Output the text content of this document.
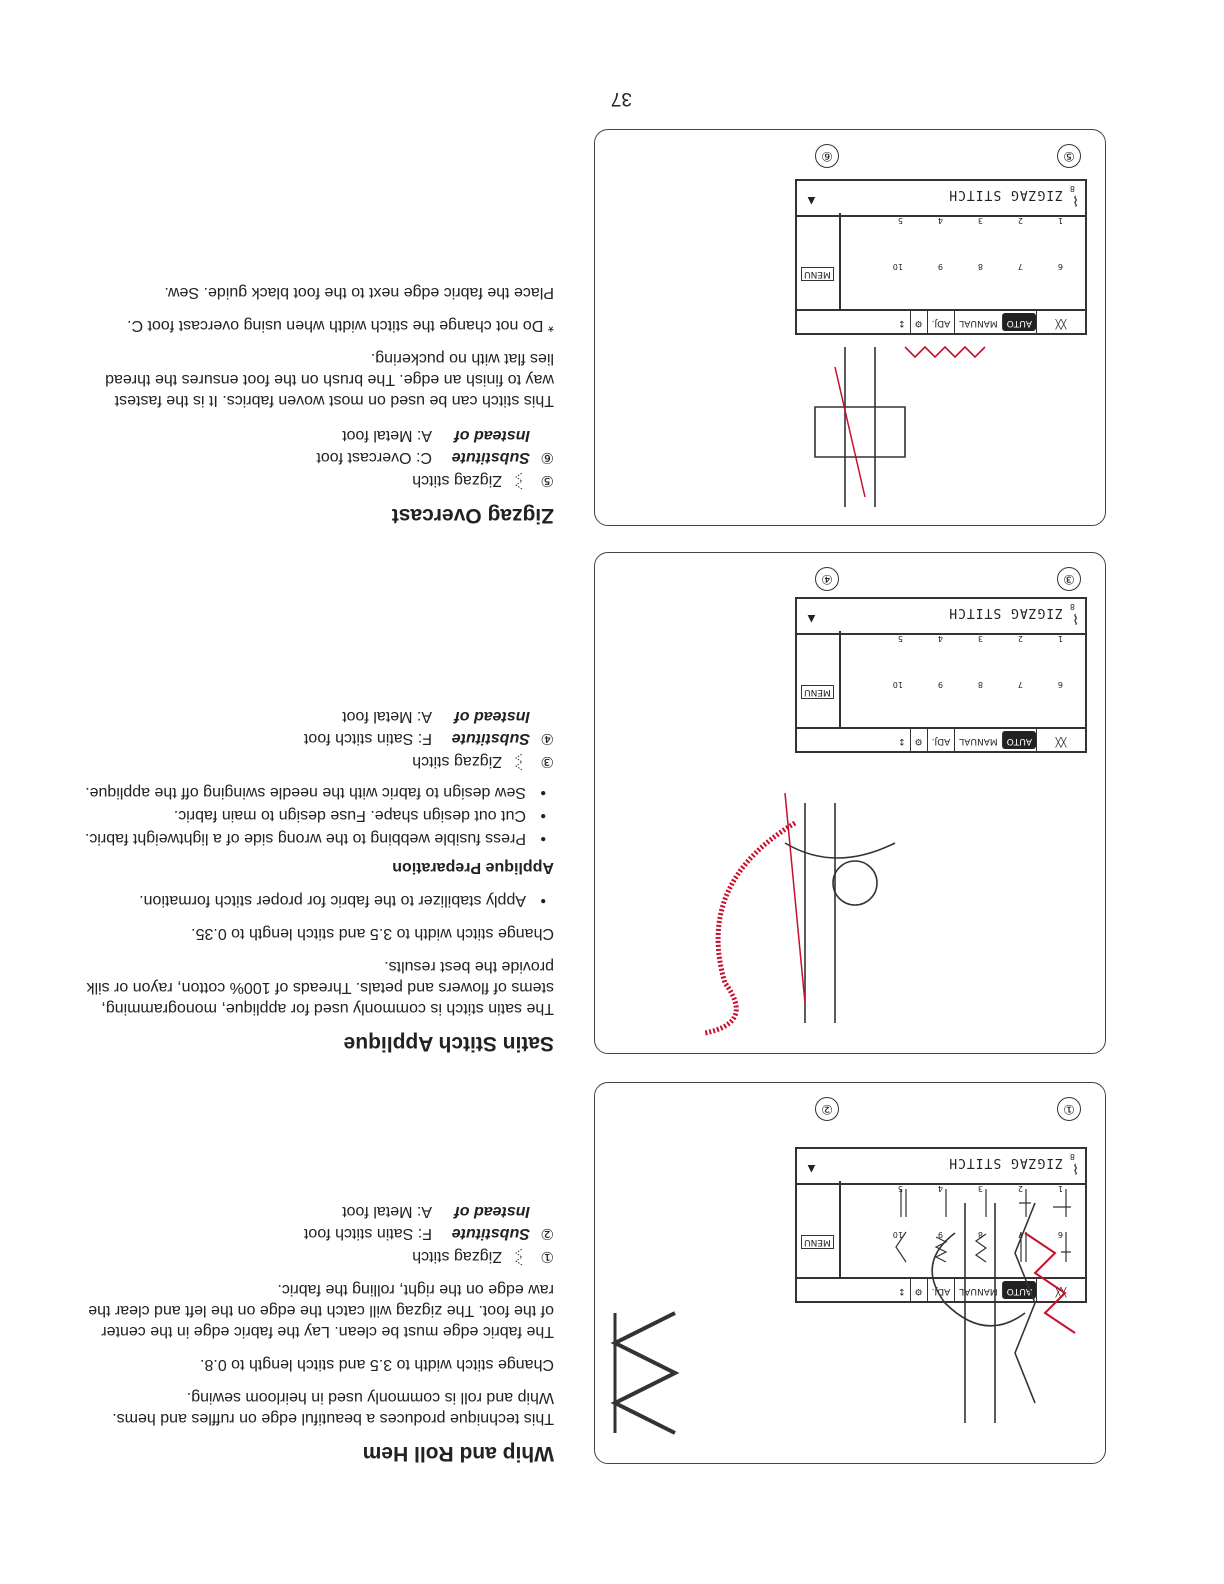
37
①
②
╳╳
AUTO
MANUAL
ADJ.
⚙
↕
MENU
⌇
ZIGZAG STITCH
▲
8
1
2
3
4
5
6
7
8
9
10
③
④
╳╳
AUTO
MANUAL
ADJ.
⚙
↕
MENU
⌇
ZIGZAG STITCH
▲
8
1
2
3
4
5
6
7
8
9
10
⑤
⑥
╳╳
AUTO
MANUAL
ADJ.
⚙
↕
MENU
⌇
ZIGZAG STITCH
▲
8
1
2
3
4
5
6
7
8
9
10
Whip and Roll Hem

This technique produces a beautiful edge on ruffles and hems. Whip and roll is commonly used in heirloom sewing.

Change stitch width to 3.5 and stitch length to 0.8.

The fabric edge must be clean. Lay the fabric edge in the center of the foot. The zigzag will catch the edge on the left and clear the raw edge on the right, rolling the fabric.

①
Zigzag stitch
②
Substitute
F: Satin stitch foot
Instead of
A: Metal foot
Satin Stitch Applique

The satin stitch is commonly used for applique, monogramming, stems of flowers and petals. Threads of 100% cotton, rayon or silk provide the best results.

Change stitch width to 3.5 and stitch length to 0.35.

• Apply stabilizer to the fabric for proper stitch formation.
Applique Preparation
• Press fusible webbing to the wrong side of a lightweight fabric.
• Cut out design shape. Fuse design to main fabric.
• Sew design to fabric with the needle swinging off the applique.
③
Zigzag stitch
④
Substitute
F: Satin stitch foot
Instead of
A: Metal foot
Zigzag Overcast
⑤
Zigzag stitch
⑥
Substitute
C: Overcast foot
Instead of
A: Metal foot

This stitch can be used on most woven fabrics. It is the fastest way to finish an edge. The brush on the foot ensures the thread lies flat with no puckering.

* Do not change the stitch width when using overcast foot C.

Place the fabric edge next to the foot black guide. Sew.
